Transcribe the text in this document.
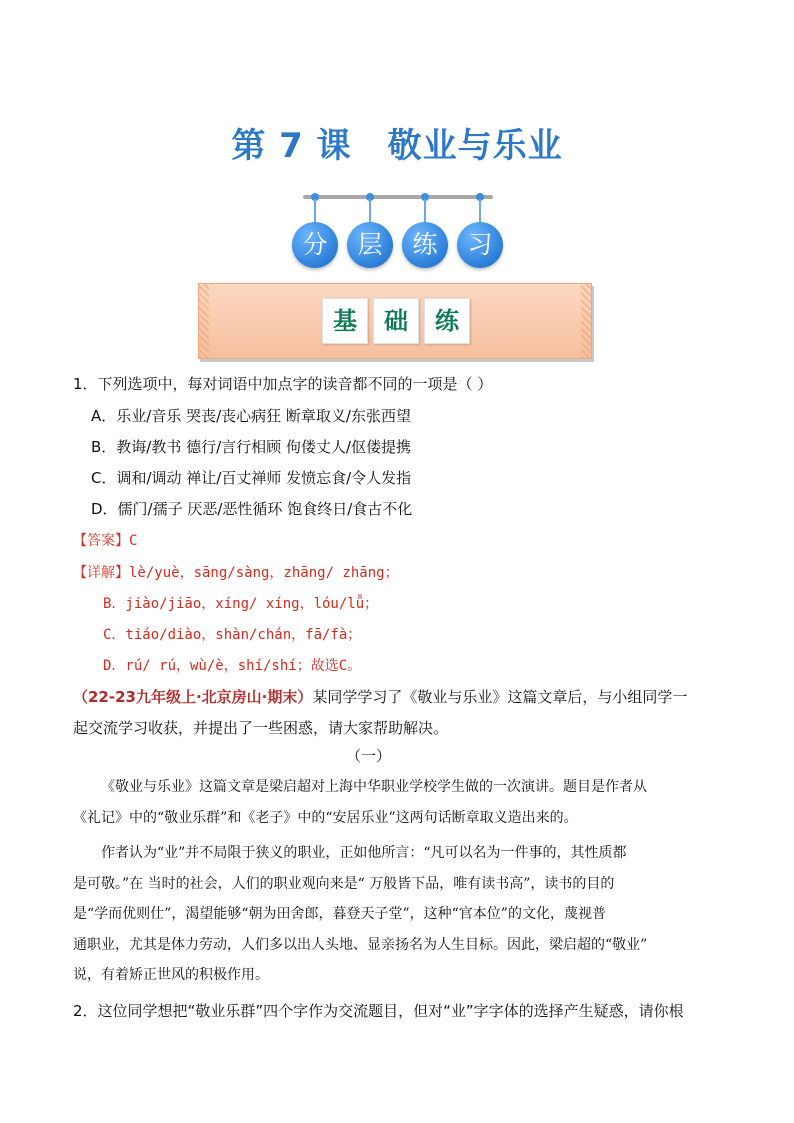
第 7 课 敬业与乐业
分	层	练	习
基	础	练
1．下列选项中，每对词语中加点字的读音都不同的一项是（ ）
A．乐业/音乐 哭丧/丧心病狂 断章取义/东张西望
B．教诲/教书 德行/言行相顾 佝偻丈人/伛偻提携
C．调和/调动 禅让/百丈禅师 发愤忘食/令人发指
D．儒门/孺子 厌恶/恶性循环 饱食终日/食古不化
【答案】C
【详解】lè/yuè，sāng/sàng，zhāng/ zhāng；
B．jiào/jiāo，xíng/ xíng，lóu/lǚ；
C．tiáo/diào，shàn/chán，fā/fà；
D．rú/ rú，wù/è，shí/shí；故选C。
（22-23九年级上·北京房山·期末）某同学学习了《敬业与乐业》这篇文章后，与小组同学一
起交流学习收获，并提出了一些困惑，请大家帮助解决。
（一）
《敬业与乐业》这篇文章是梁启超对上海中华职业学校学生做的一次演讲。题目是作者从
《礼记》中的“敬业乐群”和《老子》中的“安居乐业”这两句话断章取义造出来的。
作者认为“业”并不局限于狭义的职业，正如他所言：“凡可以名为一件事的，其性质都
是可敬。”在 当时的社会，人们的职业观向来是“ 万般皆下品，唯有读书高”，读书的目的
是“学而优则仕”，渴望能够“朝为田舍郎，暮登天子堂”，这种“官本位”的文化，蔑视普
通职业，尤其是体力劳动，人们多以出人头地、显亲扬名为人生目标。因此，梁启超的“敬业”
说，有着矫正世风的积极作用。
2．这位同学想把“敬业乐群”四个字作为交流题目，但对“业”字字体的选择产生疑惑，请你根
